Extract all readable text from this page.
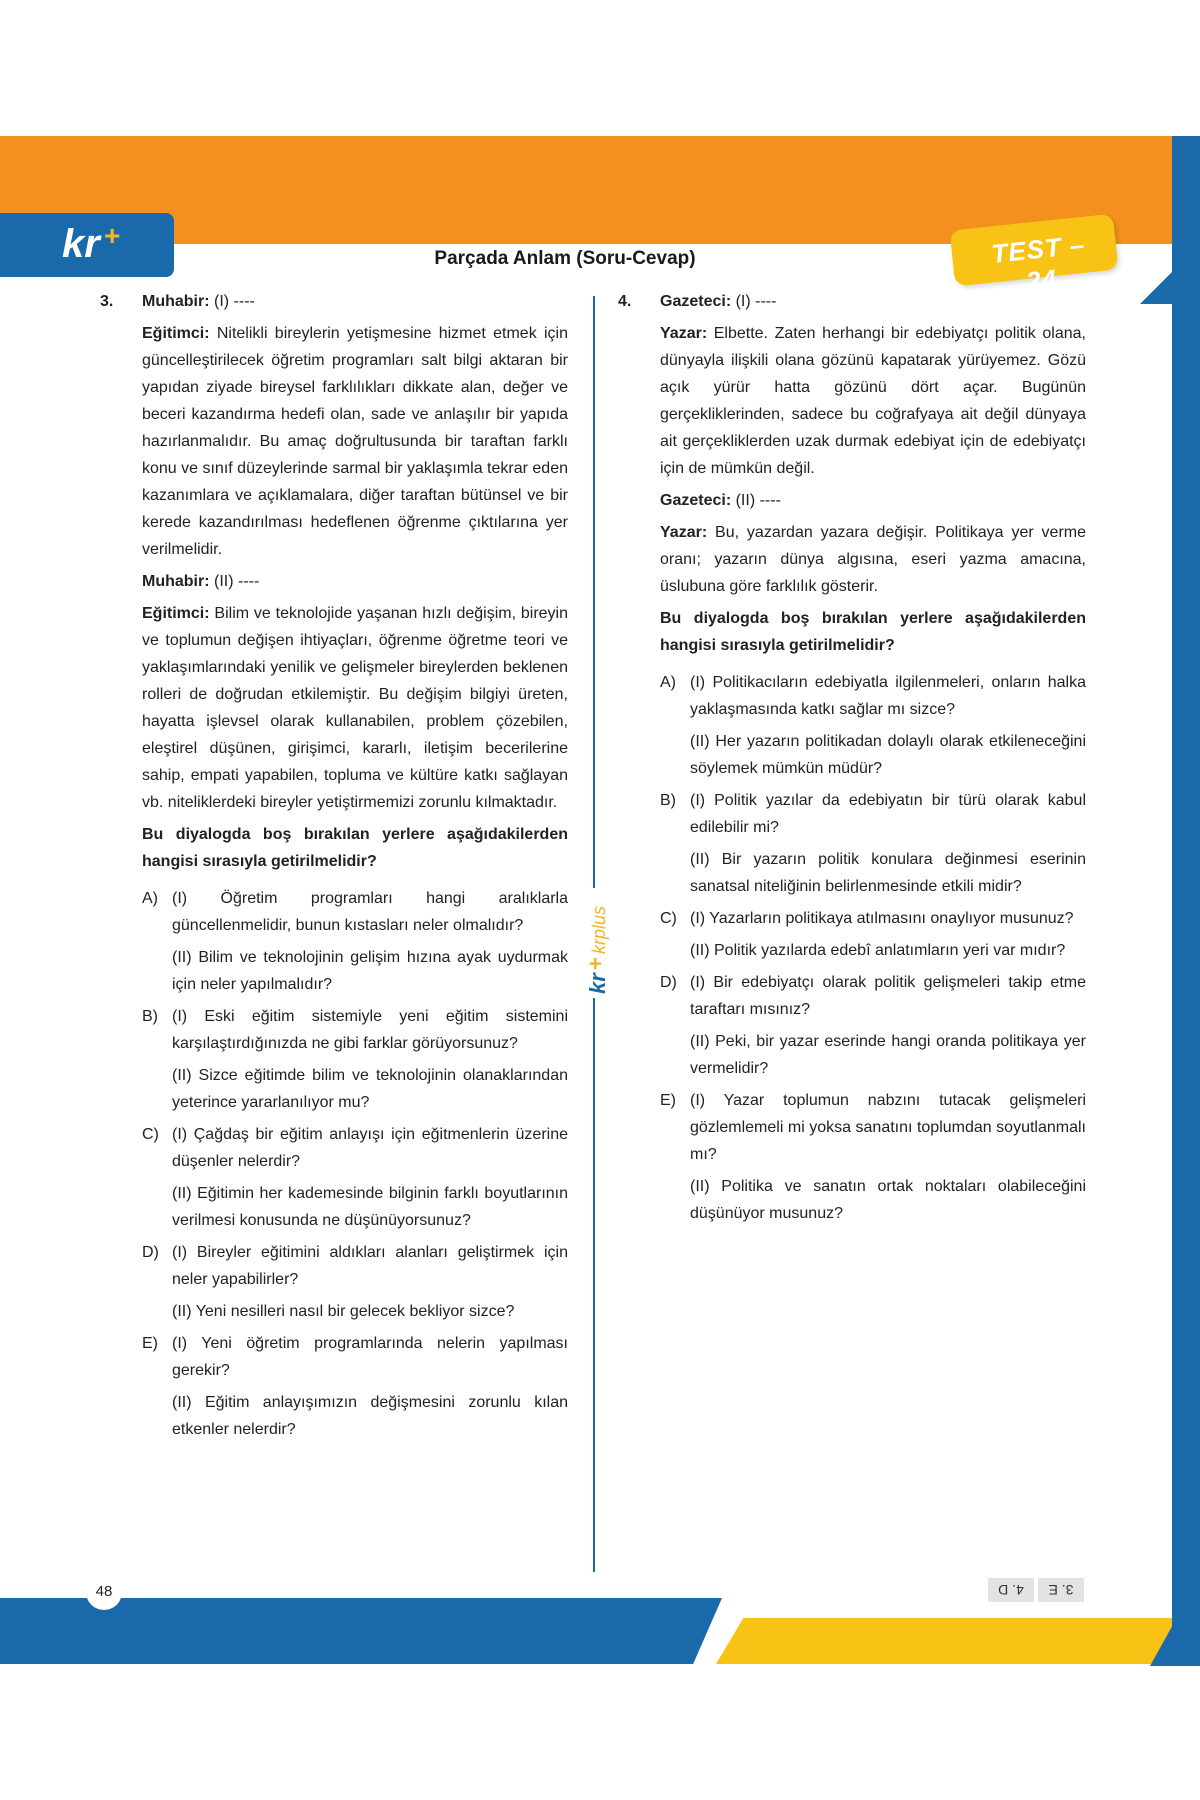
kr +
Parçada Anlam (Soru-Cevap)	TEST – 24
kr
+
krplus
3. Muhabir: (I) ----
Eğitimci: Nitelikli bireylerin yetişmesine hizmet etmek için güncelleştirilecek öğretim programları salt bilgi aktaran bir yapıdan ziyade bireysel farklılıkları dikkate alan, değer ve beceri kazandırma hedefi olan, sade ve anlaşılır bir yapıda hazırlanmalıdır. Bu amaç doğrultusunda bir taraftan farklı konu ve sınıf düzeylerinde sarmal bir yaklaşımla tekrar eden kazanımlara ve açıklamalara, diğer taraftan bütünsel ve bir kerede kazandırılması hedeflenen öğrenme çıktılarına yer verilmelidir.
Muhabir: (II) ----
Eğitimci: Bilim ve teknolojide yaşanan hızlı değişim, bireyin ve toplumun değişen ihtiyaçları, öğrenme öğretme teori ve yaklaşımlarındaki yenilik ve gelişmeler bireylerden beklenen rolleri de doğrudan etkilemiştir. Bu değişim bilgiyi üreten, hayatta işlevsel olarak kullanabilen, problem çözebilen, eleştirel düşünen, girişimci, kararlı, iletişim becerilerine sahip, empati yapabilen, topluma ve kültüre katkı sağlayan vb. niteliklerdeki bireyler yetiştirmemizi zorunlu kılmaktadır.
Bu diyalogda boş bırakılan yerlere aşağıdakilerden hangisi sırasıyla getirilmelidir?
A) (I) Öğretim programları hangi aralıklarla güncellenmelidir, bunun kıstasları neler olmalıdır?
(II) Bilim ve teknolojinin gelişim hızına ayak uydurmak için neler yapılmalıdır?
B) (I) Eski eğitim sistemiyle yeni eğitim sistemini karşılaştırdığınızda ne gibi farklar görüyorsunuz?
(II) Sizce eğitimde bilim ve teknolojinin olanaklarından yeterince yararlanılıyor mu?
C) (I) Çağdaş bir eğitim anlayışı için eğitmenlerin üzerine düşenler nelerdir?
(II) Eğitimin her kademesinde bilginin farklı boyutlarının verilmesi konusunda ne düşünüyorsunuz?
D) (I) Bireyler eğitimini aldıkları alanları geliştirmek için neler yapabilirler?
(II) Yeni nesilleri nasıl bir gelecek bekliyor sizce?
E) (I) Yeni öğretim programlarında nelerin yapılması gerekir?
(II) Eğitim anlayışımızın değişmesini zorunlu kılan etkenler nelerdir?
4. Gazeteci: (I) ----
Yazar: Elbette. Zaten herhangi bir edebiyatçı politik olana, dünyayla ilişkili olana gözünü kapatarak yürüyemez. Gözü açık yürür hatta gözünü dört açar. Bugünün gerçekliklerinden, sadece bu coğrafyaya ait değil dünyaya ait gerçekliklerden uzak durmak edebiyat için de edebiyatçı için de mümkün değil.
Gazeteci: (II) ----
Yazar: Bu, yazardan yazara değişir. Politikaya yer verme oranı; yazarın dünya algısına, eseri yazma amacına, üslubuna göre farklılık gösterir.
Bu diyalogda boş bırakılan yerlere aşağıdakilerden hangisi sırasıyla getirilmelidir?
A) (I) Politikacıların edebiyatla ilgilenmeleri, onların halka yaklaşmasında katkı sağlar mı sizce?
(II) Her yazarın politikadan dolaylı olarak etkileneceğini söylemek mümkün müdür?
B) (I) Politik yazılar da edebiyatın bir türü olarak kabul edilebilir mi?
(II) Bir yazarın politik konulara değinmesi eserinin sanatsal niteliğinin belirlenmesinde etkili midir?
C) (I) Yazarların politikaya atılmasını onaylıyor musunuz?
(II) Politik yazılarda edebî anlatımların yeri var mıdır?
D) (I) Bir edebiyatçı olarak politik gelişmeleri takip etme taraftarı mısınız?
(II) Peki, bir yazar eserinde hangi oranda politikaya yer vermelidir?
E) (I) Yazar toplumun nabzını tutacak gelişmeleri gözlemlemeli mi yoksa sanatını toplumdan soyutlanmalı mı?
(II) Politika ve sanatın ortak noktaları olabileceğini düşünüyor musunuz?
48	3. E
4. D
